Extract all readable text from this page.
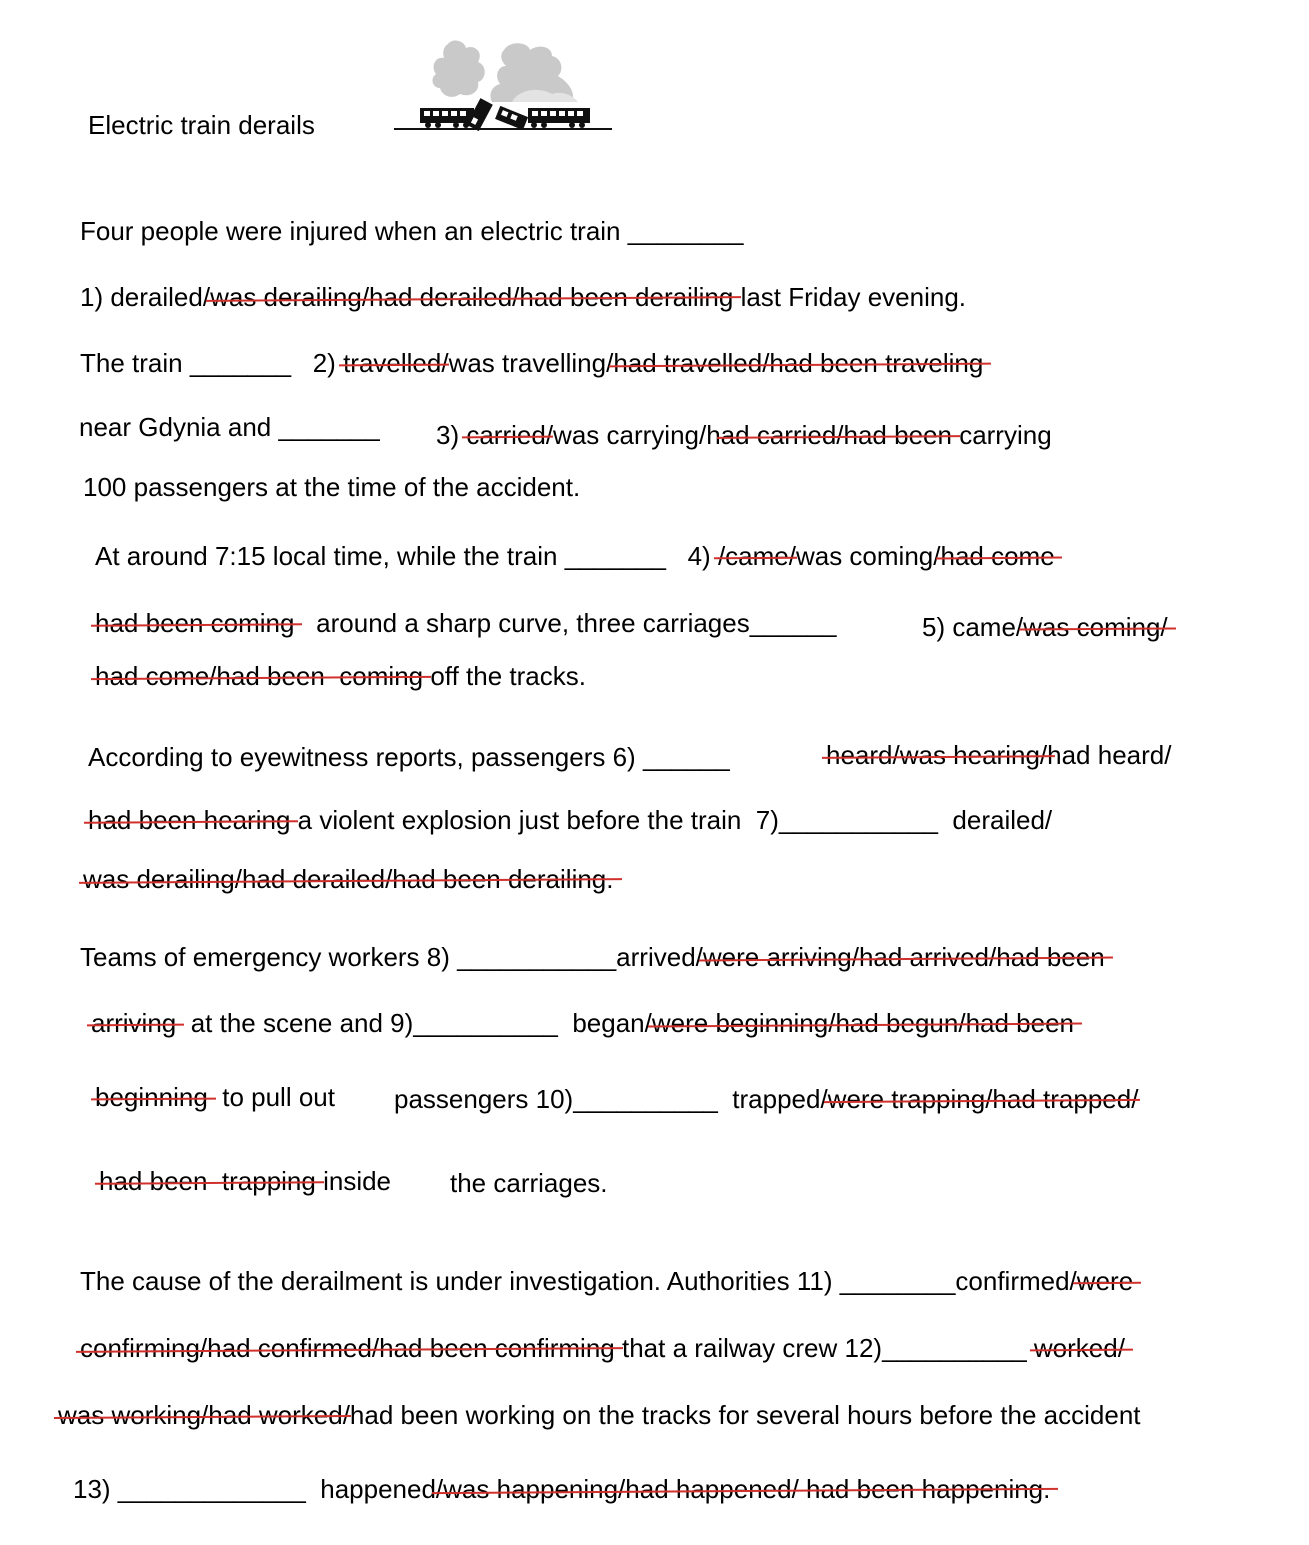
Electric train derails
Four people were injured when an electric train ________
1) derailed/was derailing/had derailed/had been derailing last Friday evening.
The train _______   2) travelled/was travelling/had travelled/had been traveling
near Gdynia and _______ 3) carried/was carrying/had carried/had been carrying
100 passengers at the time of the accident.
At around 7:15 local time, while the train _______   4) /came/was coming/had come
had been coming   around a sharp curve, three carriages______	5) came/was coming/
had come/had been  coming off the tracks.
According to eyewitness reports, passengers 6) ______	heard/was hearing/had heard/
had been hearing a violent explosion just before the train  7)___________  derailed/
was derailing/had derailed/had been derailing.
Teams of emergency workers 8) ___________arrived/were arriving/had arrived/had been
arriving  at the scene and 9)__________  began/were beginning/had begun/had been
beginning  to pull out passengers 10)__________  trapped/were trapping/had trapped/
had been  trapping inside the carriages.
The cause of the derailment is under investigation. Authorities 11) ________confirmed/were
confirming/had confirmed/had been confirming that a railway crew 12)__________ worked/
was working/had worked/had been working on the tracks for several hours before the accident
13) _____________  happened/was happening/had happened/ had been happening.
